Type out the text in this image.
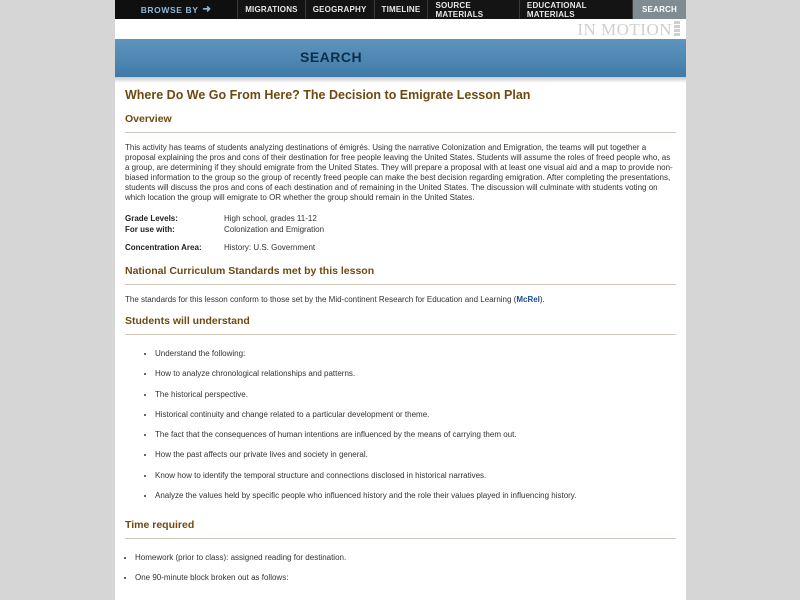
BROWSE BY ➜	MIGRATIONS	GEOGRAPHY	TIMELINE	SOURCE MATERIALS
EDUCATIONAL MATERIALS	SEARCH
IN MOTION
SEARCH
Where Do We Go From Here? The Decision to Emigrate Lesson Plan
Overview

This activity has teams of students analyzing destinations of émigrés. Using the narrative Colonization and Emigration, the teams will put together a proposal explaining the pros and cons of their destination for free people leaving the United States. Students will assume the roles of freed people who, as a group, are determining if they should emigrate from the United States. They will prepare a proposal with at least one visual aid and a map to provide non-biased information to the group so the group of recently freed people can make the best decision regarding emigration. After completing the presentations, students will discuss the pros and cons of each destination and of remaining in the United States. The discussion will culminate with students voting on which location the group will emigrate to OR whether the group should remain in the United States.

Grade Levels:	High school, grades 11-12
For use with:	Colonization and Emigration
Concentration Area:	History: U.S. Government
National Curriculum Standards met by this lesson

The standards for this lesson conform to those set by the Mid-continent Research for Education and Learning (McRel).

Students will understand
• Understand the following:
• How to analyze chronological relationships and patterns.
• The historical perspective.
• Historical continuity and change related to a particular development or theme.
• The fact that the consequences of human intentions are influenced by the means of carrying them out.
• How the past affects our private lives and society in general.
• Know how to identify the temporal structure and connections disclosed in historical narratives.
• Analyze the values held by specific people who influenced history and the role their values played in influencing history.
Time required
• Homework (prior to class): assigned reading for destination.
• One 90-minute block broken out as follows:
